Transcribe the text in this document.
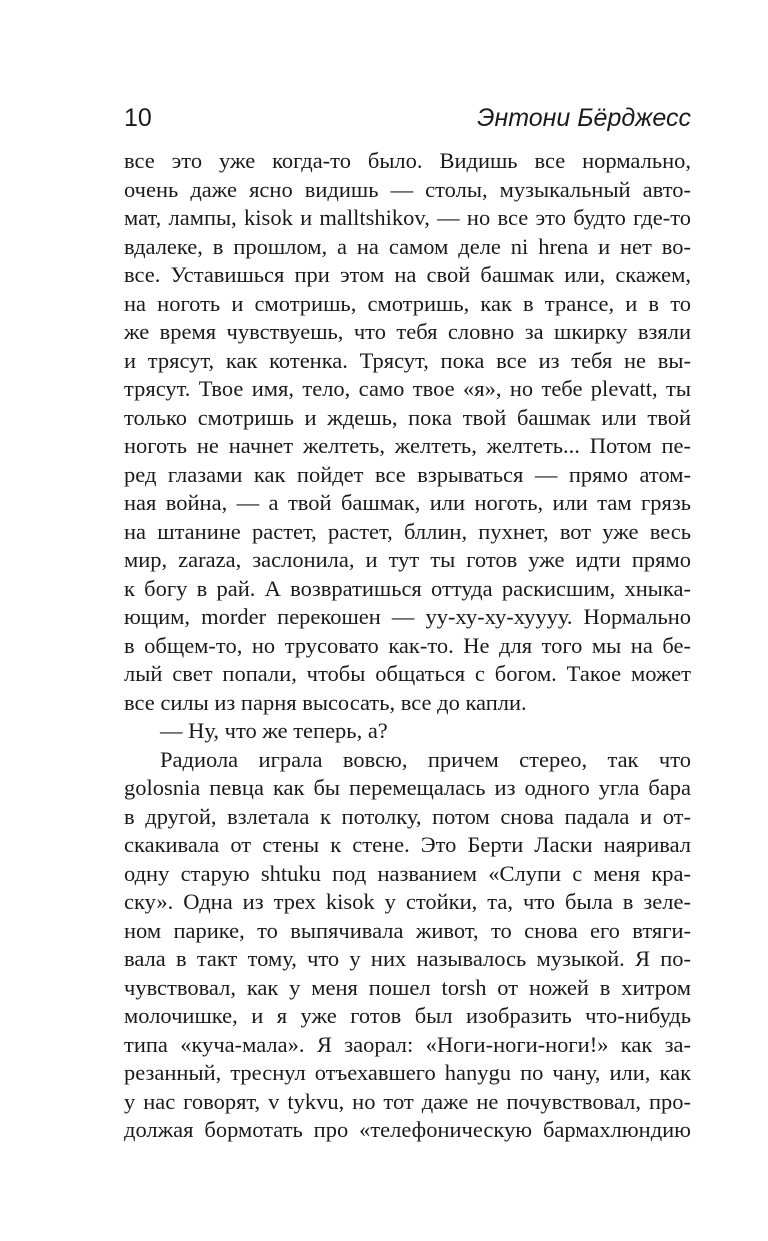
10	Энтони Бёрджесс
все это уже когда-то было. Видишь все нормально,
очень даже ясно видишь — столы, музыкальный авто-
мат, лампы, kisok и malltshikov, — но все это будто где-то
вдалеке, в прошлом, а на самом деле ni hrena и нет во-
все. Уставишься при этом на свой башмак или, скажем,
на ноготь и смотришь, смотришь, как в трансе, и в то
же время чувствуешь, что тебя словно за шкирку взяли
и трясут, как котенка. Трясут, пока все из тебя не вы-
трясут. Твое имя, тело, само твое «я», но тебе plevatt, ты
только смотришь и ждешь, пока твой башмак или твой
ноготь не начнет желтеть, желтеть, желтеть... Потом пе-
ред глазами как пойдет все взрываться — прямо атом-
ная война, — а твой башмак, или ноготь, или там грязь
на штанине растет, растет, бллин, пухнет, вот уже весь
мир, zaraza, заслонила, и тут ты готов уже идти прямо
к богу в рай. А возвратишься оттуда раскисшим, хныка-
ющим, morder перекошен — уу-ху-ху-хуууу. Нормально
в общем-то, но трусовато как-то. Не для того мы на бе-
лый свет попали, чтобы общаться с богом. Такое может
все силы из парня высосать, все до капли.
— Ну, что же теперь, а?
Радиола играла вовсю, причем стерео, так что
golosnia певца как бы перемещалась из одного угла бара
в другой, взлетала к потолку, потом снова падала и от-
скакивала от стены к стене. Это Берти Ласки наяривал
одну старую shtuku под названием «Слупи с меня кра-
ску». Одна из трех kisok у стойки, та, что была в зеле-
ном парике, то выпячивала живот, то снова его втяги-
вала в такт тому, что у них называлось музыкой. Я по-
чувствовал, как у меня пошел torsh от ножей в хитром
молочишке, и я уже готов был изобразить что-нибудь
типа «куча-мала». Я заорал: «Ноги-ноги-ноги!» как за-
резанный, треснул отъехавшего hanygu по чану, или, как
у нас говорят, v tykvu, но тот даже не почувствовал, про-
должая бормотать про «телефоническую бармахлюндию
